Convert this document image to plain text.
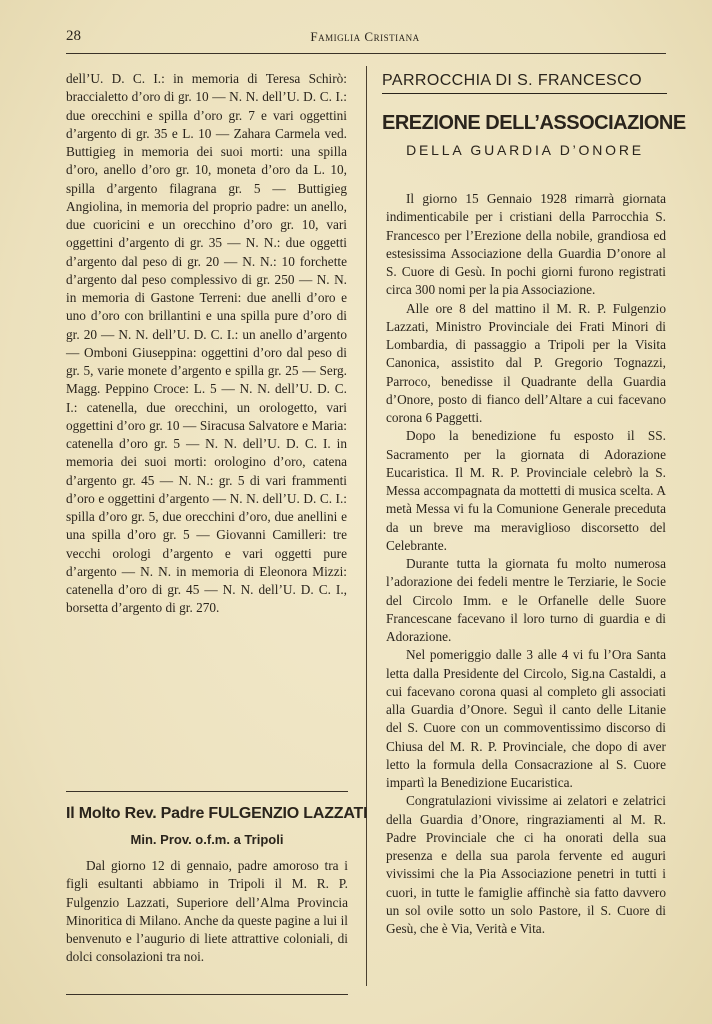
28	Famiglia Cristiana

dell’U. D. C. I.: in memoria di Teresa Schirò: braccialetto d’oro di gr. 10 — N. N. dell’U. D. C. I.: due orecchini e spilla d’oro gr. 7 e vari oggettini d’argento di gr. 35 e L. 10 — Zahara Carmela ved. Buttigieg in memoria dei suoi morti: una spilla d’oro, anello d’oro gr. 10, moneta d’oro da L. 10, spilla d’argento filagrana gr. 5 — Buttigieg Angiolina, in memoria del proprio padre: un anello, due cuoricini e un orecchino d’oro gr. 10, vari oggettini d’argento di gr. 35 — N. N.: due oggetti d’argento dal peso di gr. 20 — N. N.: 10 forchette d’argento dal peso complessivo di gr. 250 — N. N. in memoria di Gastone Terreni: due anelli d’oro e uno d’oro con brillantini e una spilla pure d’oro di gr. 20 — N. N. dell’U. D. C. I.: un anello d’argento — Omboni Giuseppina: oggettini d’oro dal peso di gr. 5, varie monete d’argento e spilla gr. 25 — Serg. Magg. Peppino Croce: L. 5 — N. N. dell’U. D. C. I.: catenella, due orecchini, un orologetto, vari oggettini d’oro gr. 10 — Siracusa Salvatore e Maria: catenella d’oro gr. 5 — N. N. dell’U. D. C. I. in memoria dei suoi morti: orologino d’oro, catena d’argento gr. 45 — N. N.: gr. 5 di vari frammenti d’oro e oggettini d’argento — N. N. dell’U. D. C. I.: spilla d’oro gr. 5, due orecchini d’oro, due anellini e una spilla d’oro gr. 5 — Giovanni Camilleri: tre vecchi orologi d’argento e vari oggetti pure d’argento — N. N. in memoria di Eleonora Mizzi: catenella d’oro di gr. 45 — N. N. dell’U. D. C. I., borsetta d’argento di gr. 270.

Il Molto Rev. Padre FULGENZIO LAZZATI
Min. Prov. o.f.m. a Tripoli

Dal giorno 12 di gennaio, padre amoroso tra i figli esultanti abbiamo in Tripoli il M. R. P. Fulgenzio Lazzati, Superiore dell’Alma Provincia Minoritica di Milano. Anche da queste pagine a lui il benvenuto e l’augurio di liete attrattive coloniali, di dolci consolazioni tra noi.

PARROCCHIA DI S. FRANCESCO
EREZIONE DELL’ASSOCIAZIONE
DELLA GUARDIA D’ONORE

Il giorno 15 Gennaio 1928 rimarrà giornata indimenticabile per i cristiani della Parrocchia S. Francesco per l’Erezione della nobile, grandiosa ed estesissima Associazione della Guardia D’onore al S. Cuore di Gesù. In pochi giorni furono registrati circa 300 nomi per la pia Associazione.

Alle ore 8 del mattino il M. R. P. Fulgenzio Lazzati, Ministro Provinciale dei Frati Minori di Lombardia, di passaggio a Tripoli per la Visita Canonica, assistito dal P. Gregorio Tognazzi, Parroco, benedisse il Quadrante della Guardia d’Onore, posto di fianco dell’Altare a cui facevano corona 6 Paggetti.

Dopo la benedizione fu esposto il SS. Sacramento per la giornata di Adorazione Eucaristica. Il M. R. P. Provinciale celebrò la S. Messa accompagnata da mottetti di musica scelta. A metà Messa vi fu la Comunione Generale preceduta da un breve ma meraviglioso discorsetto del Celebrante.

Durante tutta la giornata fu molto numerosa l’adorazione dei fedeli mentre le Terziarie, le Socie del Circolo Imm. e le Orfanelle delle Suore Francescane facevano il loro turno di guardia e di Adorazione.

Nel pomeriggio dalle 3 alle 4 vi fu l’Ora Santa letta dalla Presidente del Circolo, Sig.na Castaldi, a cui facevano corona quasi al completo gli associati alla Guardia d’Onore. Seguì il canto delle Litanie del S. Cuore con un commoventissimo discorso di Chiusa del M. R. P. Provinciale, che dopo di aver letto la formula della Consacrazione al S. Cuore impartì la Benedizione Eucaristica.

Congratulazioni vivissime ai zelatori e zelatrici della Guardia d’Onore, ringraziamenti al M. R. Padre Provinciale che ci ha onorati della sua presenza e della sua parola fervente ed auguri vivissimi che la Pia Associazione penetri in tutti i cuori, in tutte le famiglie affinchè sia fatto davvero un sol ovile sotto un solo Pastore, il S. Cuore di Gesù, che è Via, Verità e Vita.
